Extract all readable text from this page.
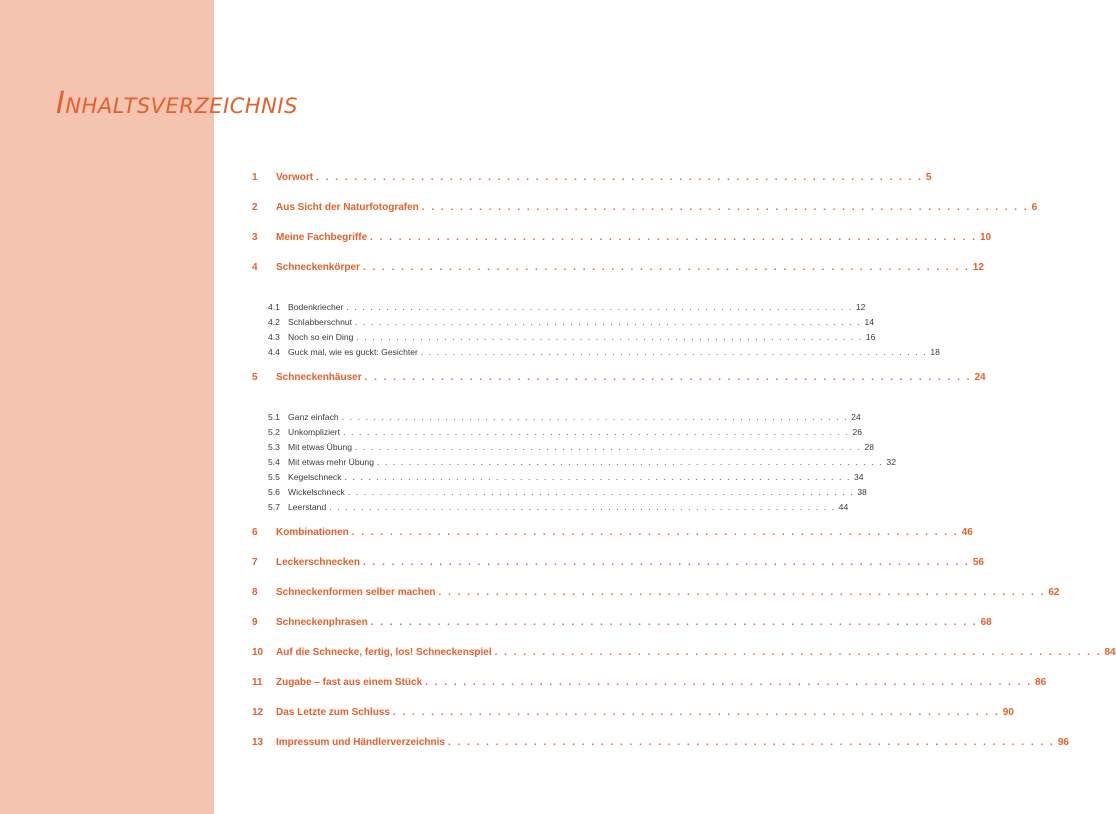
Inhaltsverzeichnis
1	Vorwort . . . . . . . . . . . . . . . . . . . . . . . . . . . . . . . . . . . . . . . . . . . . . . . . . . . . . . . . . . . . . . . . 5
2	Aus Sicht der Naturfotografen . . . . . . . . . . . . . . . . . . . . . . . . . . . . . . . . . . . . . . . . . . . . . . . . . . . . . . . . . . . . . . . . 6
3	Meine Fachbegriffe . . . . . . . . . . . . . . . . . . . . . . . . . . . . . . . . . . . . . . . . . . . . . . . . . . . . . . . . . . . . . . . . 10
4	Schneckenkörper . . . . . . . . . . . . . . . . . . . . . . . . . . . . . . . . . . . . . . . . . . . . . . . . . . . . . . . . . . . . . . . . 12
4.1 Bodenkriecher . . . . . . . . . . . . . . . . . . . . . . . . . . . . . . . . . . . . . . . . . . . . . . . . . . . . . . . . . . . . . . . . 12
4.2 Schlabberschnut . . . . . . . . . . . . . . . . . . . . . . . . . . . . . . . . . . . . . . . . . . . . . . . . . . . . . . . . . . . . . . . . 14
4.3 Noch so ein Ding . . . . . . . . . . . . . . . . . . . . . . . . . . . . . . . . . . . . . . . . . . . . . . . . . . . . . . . . . . . . . . . . 16
4.4 Guck mal, wie es guckt: Gesichter . . . . . . . . . . . . . . . . . . . . . . . . . . . . . . . . . . . . . . . . . . . . . . . . . . . . . . . . . . . . . . . . 18
5	Schneckenhäuser . . . . . . . . . . . . . . . . . . . . . . . . . . . . . . . . . . . . . . . . . . . . . . . . . . . . . . . . . . . . . . . . 24
5.1 Ganz einfach . . . . . . . . . . . . . . . . . . . . . . . . . . . . . . . . . . . . . . . . . . . . . . . . . . . . . . . . . . . . . . . . 24
5.2 Unkompliziert . . . . . . . . . . . . . . . . . . . . . . . . . . . . . . . . . . . . . . . . . . . . . . . . . . . . . . . . . . . . . . . . 26
5.3 Mit etwas Übung . . . . . . . . . . . . . . . . . . . . . . . . . . . . . . . . . . . . . . . . . . . . . . . . . . . . . . . . . . . . . . . . 28
5.4 Mit etwas mehr Übung . . . . . . . . . . . . . . . . . . . . . . . . . . . . . . . . . . . . . . . . . . . . . . . . . . . . . . . . . . . . . . . . 32
5.5 Kegelschneck . . . . . . . . . . . . . . . . . . . . . . . . . . . . . . . . . . . . . . . . . . . . . . . . . . . . . . . . . . . . . . . . 34
5.6 Wickelschneck . . . . . . . . . . . . . . . . . . . . . . . . . . . . . . . . . . . . . . . . . . . . . . . . . . . . . . . . . . . . . . . . 38
5.7 Leerstand . . . . . . . . . . . . . . . . . . . . . . . . . . . . . . . . . . . . . . . . . . . . . . . . . . . . . . . . . . . . . . . . 44
6	Kombinationen . . . . . . . . . . . . . . . . . . . . . . . . . . . . . . . . . . . . . . . . . . . . . . . . . . . . . . . . . . . . . . . . 46
7	Leckerschnecken . . . . . . . . . . . . . . . . . . . . . . . . . . . . . . . . . . . . . . . . . . . . . . . . . . . . . . . . . . . . . . . . 56
8	Schneckenformen selber machen . . . . . . . . . . . . . . . . . . . . . . . . . . . . . . . . . . . . . . . . . . . . . . . . . . . . . . . . . . . . . . . . 62
9	Schneckenphrasen . . . . . . . . . . . . . . . . . . . . . . . . . . . . . . . . . . . . . . . . . . . . . . . . . . . . . . . . . . . . . . . . 68
10	Auf die Schnecke, fertig, los! Schneckenspiel . . . . . . . . . . . . . . . . . . . . . . . . . . . . . . . . . . . . . . . . . . . . . . . . . . . . . . . . . . . . . . . . 84
11	Zugabe – fast aus einem Stück . . . . . . . . . . . . . . . . . . . . . . . . . . . . . . . . . . . . . . . . . . . . . . . . . . . . . . . . . . . . . . . . 86
12	Das Letzte zum Schluss . . . . . . . . . . . . . . . . . . . . . . . . . . . . . . . . . . . . . . . . . . . . . . . . . . . . . . . . . . . . . . . . 90
13	Impressum und Händlerverzeichnis . . . . . . . . . . . . . . . . . . . . . . . . . . . . . . . . . . . . . . . . . . . . . . . . . . . . . . . . . . . . . . . . 96
